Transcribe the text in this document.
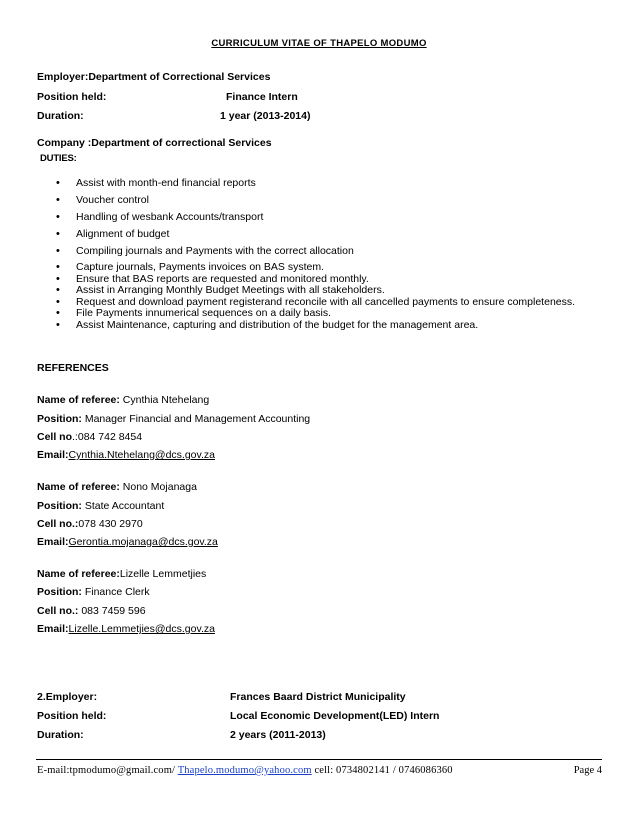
CURRICULUM VITAE OF THAPELO MODUMO
Employer:Department of Correctional Services
Position held:	Finance Intern
Duration:	1 year (2013-2014)
Company :Department of correctional Services
DUTIES:
• Assist with month-end financial reports
• Voucher control
• Handling of wesbank Accounts/transport
• Alignment of budget
• Compiling journals and Payments with the correct allocation
• Capture journals, Payments invoices on BAS system.
• Ensure that BAS reports are requested and monitored monthly.
• Assist in Arranging Monthly Budget Meetings with all stakeholders.
• Request and download payment registerand reconcile with all cancelled payments to ensure completeness.
• File Payments innumerical sequences on a daily basis.
• Assist Maintenance, capturing and distribution of the budget for the management area.
REFERENCES
Name of referee: Cynthia Ntehelang
Position: Manager Financial and Management Accounting
Cell no.:084 742 8454
Email:Cynthia.Ntehelang@dcs.gov.za
Name of referee: Nono Mojanaga
Position: State Accountant
Cell no.:078 430 2970
Email:Gerontia.mojanaga@dcs.gov.za
Name of referee:Lizelle Lemmetjies
Position: Finance Clerk
Cell no.: 083 7459 596
Email:Lizelle.Lemmetjies@dcs.gov.za
2.Employer:	Frances Baard District Municipality
Position held:	Local Economic Development(LED) Intern
Duration:	2 years (2011-2013)
E-mail:tpmodumo@gmail.com/ Thapelo.modumo@yahoo.com cell: 0734802141 / 0746086360	Page 4
